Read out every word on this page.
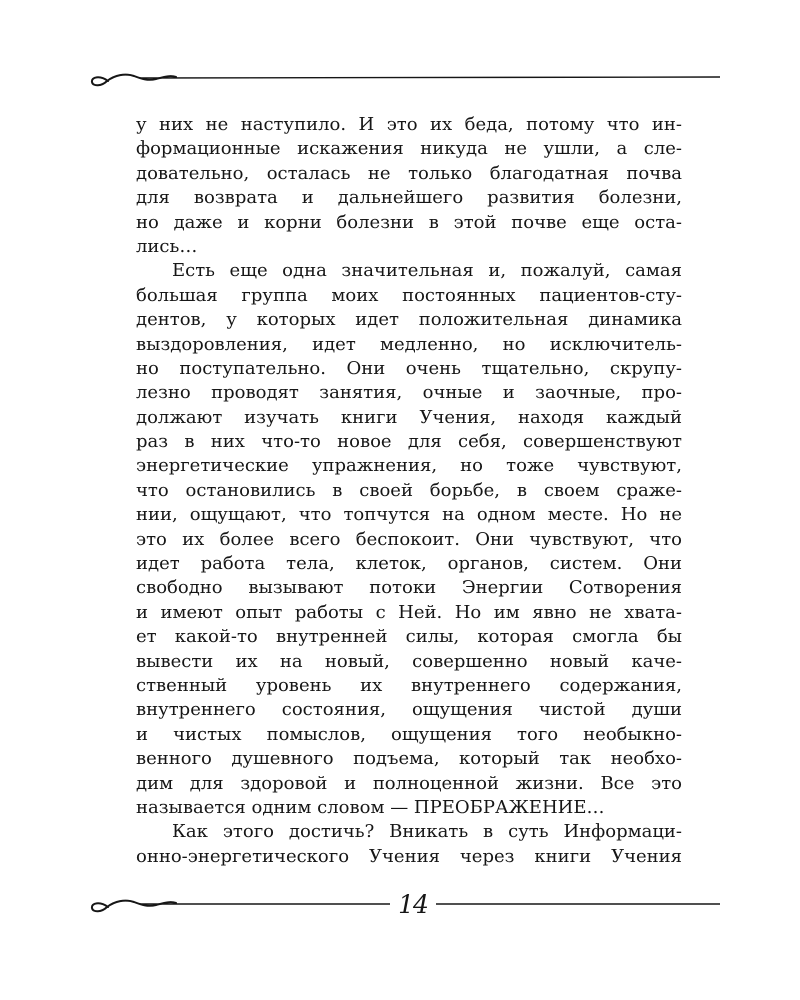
у них не наступило. И это их беда, потому что ин-
формационные искажения никуда не ушли, а сле-
довательно, осталась не только благодатная почва
для возврата и дальнейшего развития болезни,
но даже и корни болезни в этой почве еще оста-
лись…
Есть еще одна значительная и, пожалуй, самая
большая группа моих постоянных пациентов-сту-
дентов, у которых идет положительная динамика
выздоровления, идет медленно, но исключитель-
но поступательно. Они очень тщательно, скрупу-
лезно проводят занятия, очные и заочные, про-
должают изучать книги Учения, находя каждый
раз в них что-то новое для себя, совершенствуют
энергетические упражнения, но тоже чувствуют,
что остановились в своей борьбе, в своем сраже-
нии, ощущают, что топчутся на одном месте. Но не
это их более всего беспокоит. Они чувствуют, что
идет работа тела, клеток, органов, систем. Они
свободно вызывают потоки Энергии Сотворения
и имеют опыт работы с Ней. Но им явно не хвата-
ет какой-то внутренней силы, которая смогла бы
вывести их на новый, совершенно новый каче-
ственный уровень их внутреннего содержания,
внутреннего состояния, ощущения чистой души
и чистых помыслов, ощущения того необыкно-
венного душевного подъема, который так необхо-
дим для здоровой и полноценной жизни. Все это
называется одним словом — ПРЕОБРАЖЕНИЕ…
Как этого достичь? Вникать в суть Информаци-
онно-энергетического Учения через книги Учения
14
